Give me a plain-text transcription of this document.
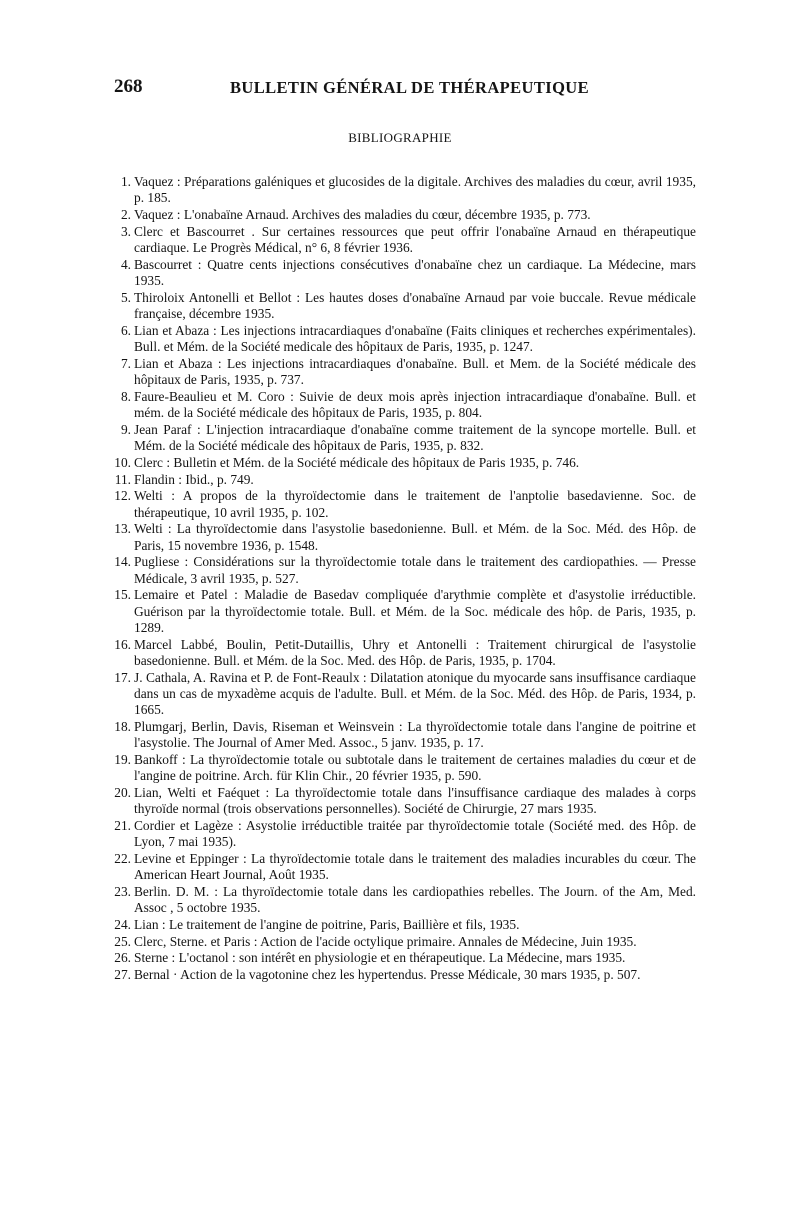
268	BULLETIN GÉNÉRAL DE THÉRAPEUTIQUE
BIBLIOGRAPHIE
1. Vaquez : Préparations galéniques et glucosides de la digitale. Archives des maladies du cœur, avril 1935, p. 185.
2. Vaquez : L'onabaïne Arnaud. Archives des maladies du cœur, décembre 1935, p. 773.
3. Clerc et Bascourret . Sur certaines ressources que peut offrir l'onabaïne Arnaud en thérapeutique cardiaque. Le Progrès Médical, n° 6, 8 février 1936.
4. Bascourret : Quatre cents injections consécutives d'onabaïne chez un cardiaque. La Médecine, mars 1935.
5. Thiroloix Antonelli et Bellot : Les hautes doses d'onabaïne Arnaud par voie buccale. Revue médicale française, décembre 1935.
6. Lian et Abaza : Les injections intracardiaques d'onabaïne (Faits cliniques et recherches expérimentales). Bull. et Mém. de la Société medicale des hôpitaux de Paris, 1935, p. 1247.
7. Lian et Abaza : Les injections intracardiaques d'onabaïne. Bull. et Mem. de la Société médicale des hôpitaux de Paris, 1935, p. 737.
8. Faure-Beaulieu et M. Coro : Suivie de deux mois après injection intracardiaque d'onabaïne. Bull. et mém. de la Société médicale des hôpitaux de Paris, 1935, p. 804.
9. Jean Paraf : L'injection intracardiaque d'onabaïne comme traitement de la syncope mortelle. Bull. et Mém. de la Société médicale des hôpitaux de Paris, 1935, p. 832.
10. Clerc : Bulletin et Mém. de la Société médicale des hôpitaux de Paris 1935, p. 746.
11. Flandin : Ibid., p. 749.
12. Welti : A propos de la thyroïdectomie dans le traitement de l'anptolie basedavienne. Soc. de thérapeutique, 10 avril 1935, p. 102.
13. Welti : La thyroïdectomie dans l'asystolie basedonienne. Bull. et Mém. de la Soc. Méd. des Hôp. de Paris, 15 novembre 1936, p. 1548.
14. Pugliese : Considérations sur la thyroïdectomie totale dans le traitement des cardiopathies. — Presse Médicale, 3 avril 1935, p. 527.
15. Lemaire et Patel : Maladie de Basedav compliquée d'arythmie complète et d'asystolie irréductible. Guérison par la thyroïdectomie totale. Bull. et Mém. de la Soc. médicale des hôp. de Paris, 1935, p. 1289.
16. Marcel Labbé, Boulin, Petit-Dutaillis, Uhry et Antonelli : Traitement chirurgical de l'asystolie basedonienne. Bull. et Mém. de la Soc. Med. des Hôp. de Paris, 1935, p. 1704.
17. J. Cathala, A. Ravina et P. de Font-Reaulx : Dilatation atonique du myocarde sans insuffisance cardiaque dans un cas de myxadème acquis de l'adulte. Bull. et Mém. de la Soc. Méd. des Hôp. de Paris, 1934, p. 1665.
18. Plumgarj, Berlin, Davis, Riseman et Weinsvein : La thyroïdectomie totale dans l'angine de poitrine et l'asystolie. The Journal of Amer Med. Assoc., 5 janv. 1935, p. 17.
19. Bankoff : La thyroïdectomie totale ou subtotale dans le traitement de certaines maladies du cœur et de l'angine de poitrine. Arch. für Klin Chir., 20 février 1935, p. 590.
20. Lian, Welti et Faéquet : La thyroïdectomie totale dans l'insuffisance cardiaque des malades à corps thyroïde normal (trois observations personnelles). Société de Chirurgie, 27 mars 1935.
21. Cordier et Lagèze : Asystolie irréductible traitée par thyroïdectomie totale (Société med. des Hôp. de Lyon, 7 mai 1935).
22. Levine et Eppinger : La thyroïdectomie totale dans le traitement des maladies incurables du cœur. The American Heart Journal, Août 1935.
23. Berlin. D. M. : La thyroïdectomie totale dans les cardiopathies rebelles. The Journ. of the Am, Med. Assoc , 5 octobre 1935.
24. Lian : Le traitement de l'angine de poitrine, Paris, Baillière et fils, 1935.
25. Clerc, Sterne. et Paris : Action de l'acide octylique primaire. Annales de Médecine, Juin 1935.
26. Sterne : L'octanol : son intérêt en physiologie et en thérapeutique. La Médecine, mars 1935.
27. Bernal · Action de la vagotonine chez les hypertendus. Presse Médicale, 30 mars 1935, p. 507.
